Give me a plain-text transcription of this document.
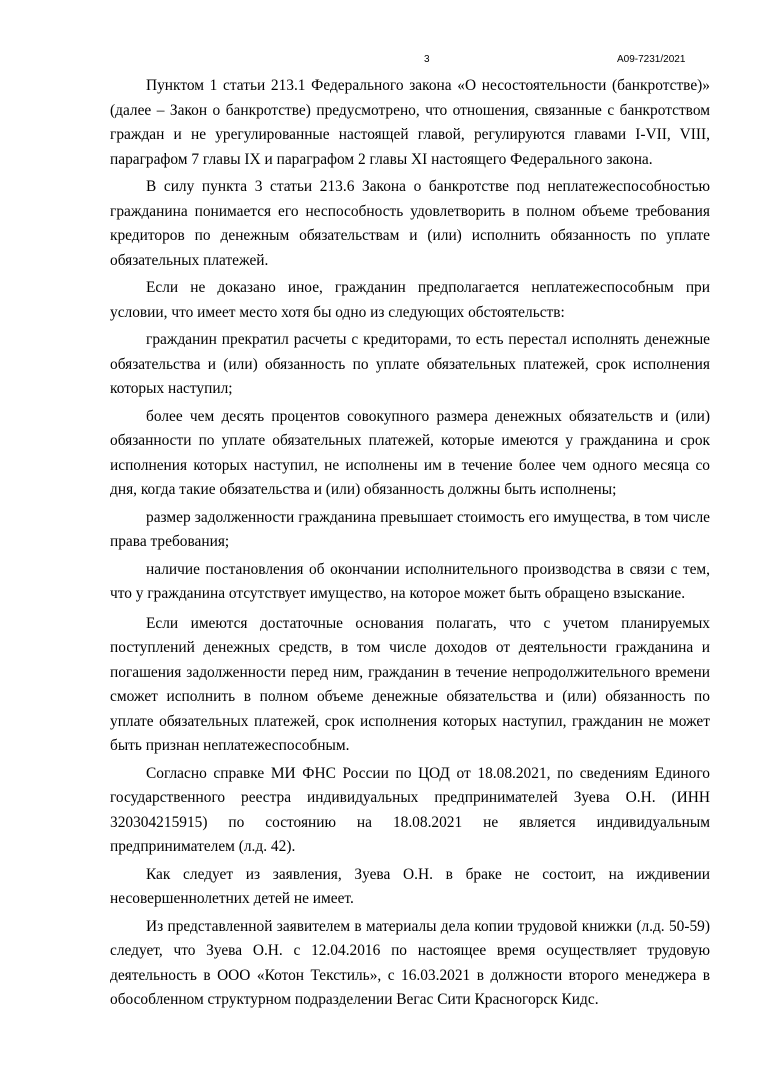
3	А09-7231/2021

Пунктом 1 статьи 213.1 Федерального закона «О несостоятельности (банкротстве)» (далее – Закон о банкротстве) предусмотрено, что отношения, связанные с банкротством граждан и не урегулированные настоящей главой, регулируются главами I-VII, VIII, параграфом 7 главы IX и параграфом 2 главы XI настоящего Федерального закона.

В силу пункта 3 статьи 213.6 Закона о банкротстве под неплатежеспособностью гражданина понимается его неспособность удовлетворить в полном объеме требования кредиторов по денежным обязательствам и (или) исполнить обязанность по уплате обязательных платежей.

Если не доказано иное, гражданин предполагается неплатежеспособным при условии, что имеет место хотя бы одно из следующих обстоятельств:

гражданин прекратил расчеты с кредиторами, то есть перестал исполнять денежные обязательства и (или) обязанность по уплате обязательных платежей, срок исполнения которых наступил;

более чем десять процентов совокупного размера денежных обязательств и (или) обязанности по уплате обязательных платежей, которые имеются у гражданина и срок исполнения которых наступил, не исполнены им в течение более чем одного месяца со дня, когда такие обязательства и (или) обязанность должны быть исполнены;

размер задолженности гражданина превышает стоимость его имущества, в том числе права требования;

наличие постановления об окончании исполнительного производства в связи с тем, что у гражданина отсутствует имущество, на которое может быть обращено взыскание.

Если имеются достаточные основания полагать, что с учетом планируемых поступлений денежных средств, в том числе доходов от деятельности гражданина и погашения задолженности перед ним, гражданин в течение непродолжительного времени сможет исполнить в полном объеме денежные обязательства и (или) обязанность по уплате обязательных платежей, срок исполнения которых наступил, гражданин не может быть признан неплатежеспособным.

Согласно справке МИ ФНС России по ЦОД от 18.08.2021, по сведениям Единого государственного реестра индивидуальных предпринимателей Зуева О.Н. (ИНН 320304215915) по состоянию на 18.08.2021 не является индивидуальным предпринимателем (л.д. 42).

Как следует из заявления, Зуева О.Н. в браке не состоит, на иждивении несовершеннолетних детей не имеет.

Из представленной заявителем в материалы дела копии трудовой книжки (л.д. 50-59) следует, что Зуева О.Н. с 12.04.2016 по настоящее время осуществляет трудовую деятельность в ООО «Котон Текстиль», с 16.03.2021 в должности второго менеджера в обособленном структурном подразделении Вегас Сити Красногорск Кидс.
